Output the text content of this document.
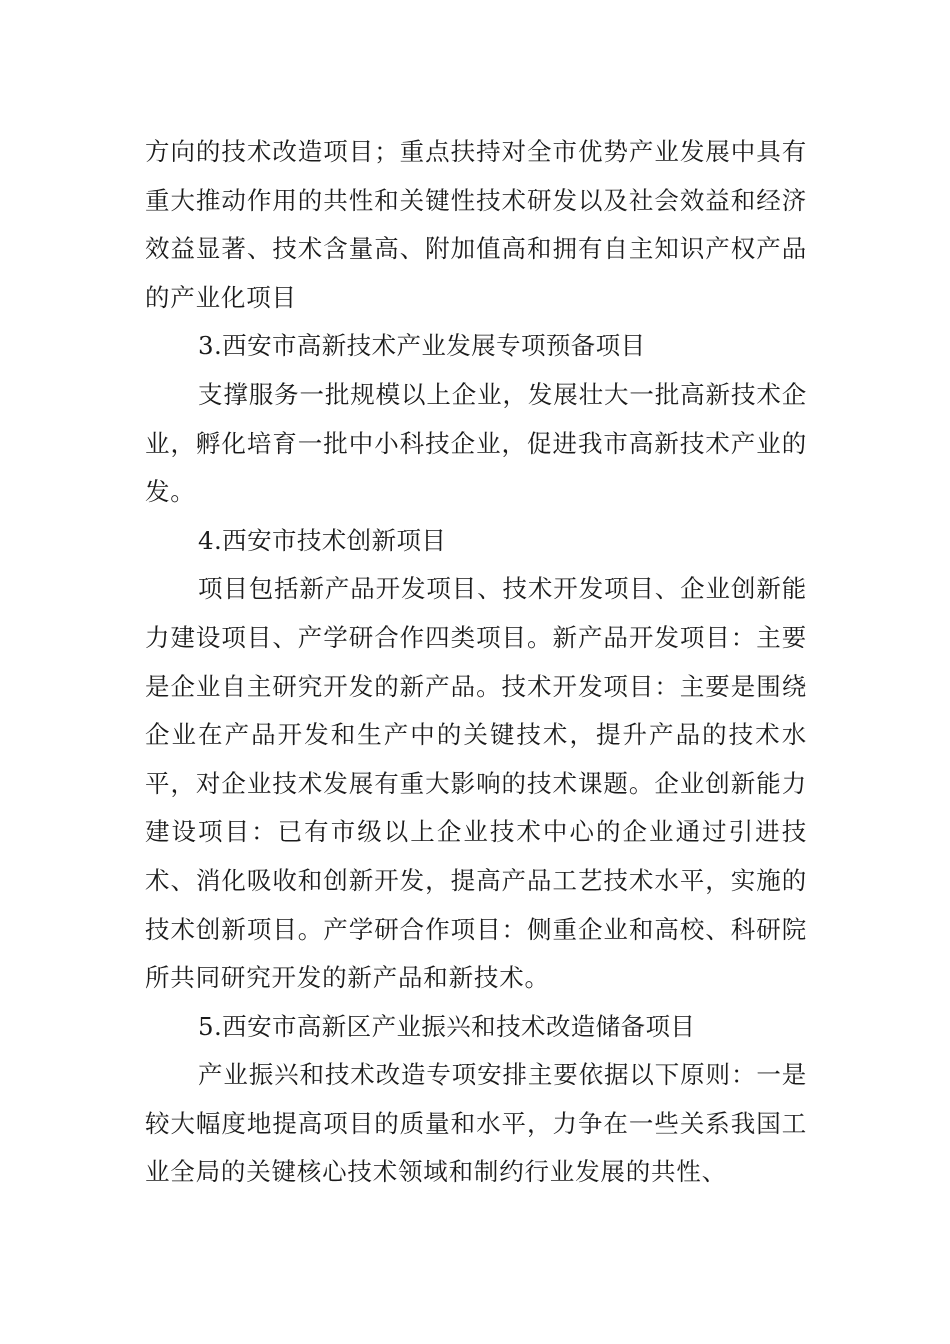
方向的技术改造项目；重点扶持对全市优势产业发展中具有重大推动作用的共性和关键性技术研发以及社会效益和经济效益显著、技术含量高、附加值高和拥有自主知识产权产品的产业化项目

3.西安市高新技术产业发展专项预备项目

支撑服务一批规模以上企业，发展壮大一批高新技术企业，孵化培育一批中小科技企业，促进我市高新技术产业的发。

4.西安市技术创新项目

项目包括新产品开发项目、技术开发项目、企业创新能力建设项目、产学研合作四类项目。新产品开发项目：主要是企业自主研究开发的新产品。技术开发项目：主要是围绕企业在产品开发和生产中的关键技术，提升产品的技术水平，对企业技术发展有重大影响的技术课题。企业创新能力建设项目：已有市级以上企业技术中心的企业通过引进技术、消化吸收和创新开发，提高产品工艺技术水平，实施的技术创新项目。产学研合作项目：侧重企业和高校、科研院所共同研究开发的新产品和新技术。

5.西安市高新区产业振兴和技术改造储备项目

产业振兴和技术改造专项安排主要依据以下原则：一是较大幅度地提高项目的质量和水平，力争在一些关系我国工业全局的关键核心技术领域和制约行业发展的共性、
